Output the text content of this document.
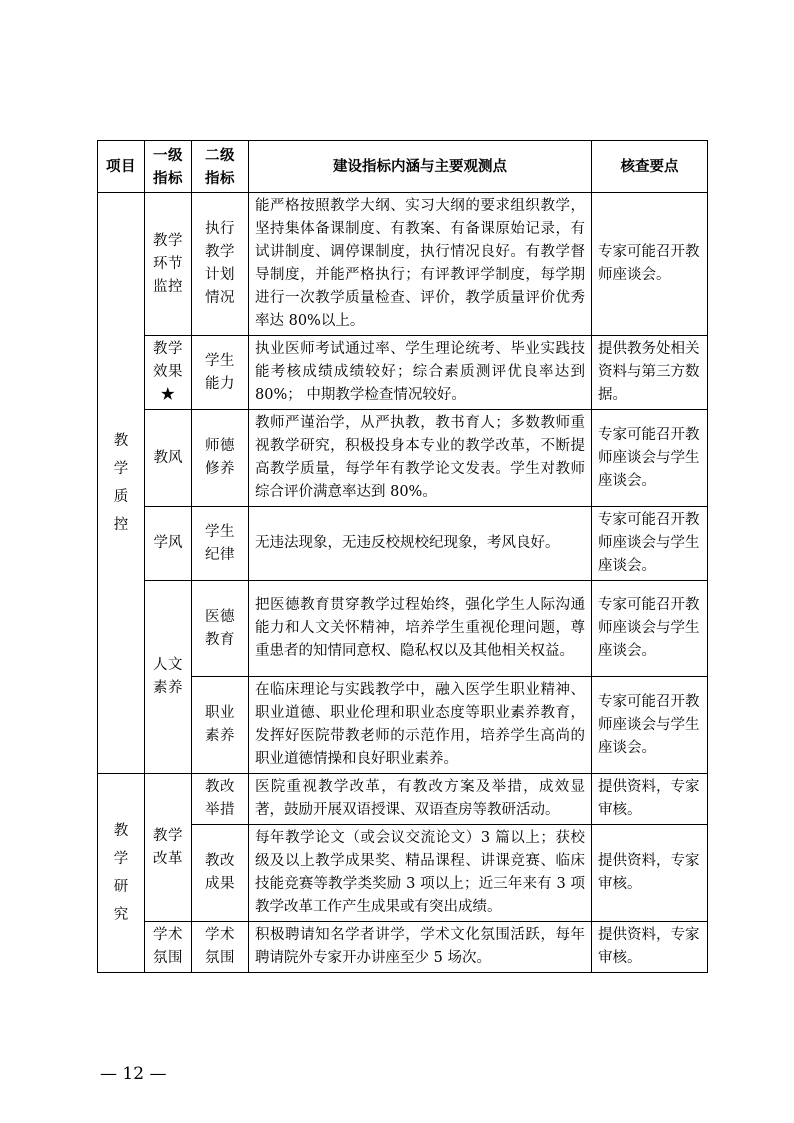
项目	一级指标	二级指标	建设指标内涵与主要观测点	核查要点
教学质控	教学环节监控	执行教学计划情况	能严格按照教学大纲、实习大纲的要求组织教学，坚持集体备课制度、有教案、有备课原始记录，有试讲制度、调停课制度，执行情况良好。有教学督导制度，并能严格执行；有评教评学制度，每学期进行一次教学质量检查、评价，教学质量评价优秀率达 80%以上。	专家可能召开教师座谈会。
	教学效果★	学生能力	执业医师考试通过率、学生理论统考、毕业实践技能考核成绩成绩较好；综合素质测评优良率达到 80%； 中期教学检查情况较好。	提供教务处相关资料与第三方数据。
	教风	师德修养	教师严谨治学，从严执教，教书育人；多数教师重视教学研究，积极投身本专业的教学改革，不断提高教学质量，每学年有教学论文发表。学生对教师综合评价满意率达到 80%。	专家可能召开教师座谈会与学生座谈会。
	学风	学生纪律	无违法现象，无违反校规校纪现象，考风良好。	专家可能召开教师座谈会与学生座谈会。
	人文素养	医德教育	把医德教育贯穿教学过程始终，强化学生人际沟通能力和人文关怀精神，培养学生重视伦理问题，尊重患者的知情同意权、隐私权以及其他相关权益。	专家可能召开教师座谈会与学生座谈会。
		职业素养	在临床理论与实践教学中，融入医学生职业精神、职业道德、职业伦理和职业态度等职业素养教育，发挥好医院带教老师的示范作用，培养学生高尚的职业道德情操和良好职业素养。	专家可能召开教师座谈会与学生座谈会。
教学研究	教学改革	教改举措	医院重视教学改革，有教改方案及举措，成效显著，鼓励开展双语授课、双语查房等教研活动。	提供资料，专家审核。
		教改成果	每年教学论文（或会议交流论文）3 篇以上；获校级及以上教学成果奖、精品课程、讲课竞赛、临床技能竞赛等教学类奖励 3 项以上；近三年来有 3 项教学改革工作产生成果或有突出成绩。	提供资料，专家审核。
	学术氛围	学术氛围	积极聘请知名学者讲学，学术文化氛围活跃，每年聘请院外专家开办讲座至少 5 场次。	提供资料，专家审核。
— 12 —
